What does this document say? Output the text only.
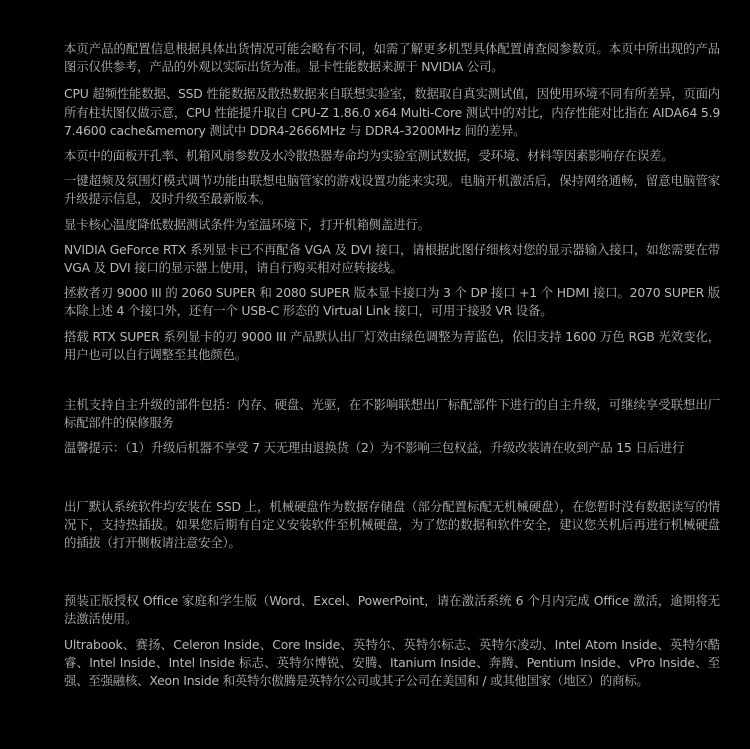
本页产品的配置信息根据具体出货情况可能会略有不同，如需了解更多机型具体配置请查阅参数页。本页中所出现的产品图示仅供参考，产品的外观以实际出货为准。显卡性能数据来源于 NVIDIA 公司。

CPU 超频性能数据、SSD 性能数据及散热数据来自联想实验室，数据取自真实测试值，因使用环境不同有所差异，页面内所有柱状图仅做示意，CPU 性能提升取自 CPU-Z 1.86.0 x64 Multi-Core 测试中的对比，内存性能对比指在 AIDA64 5.97.4600 cache&memory 测试中 DDR4-2666MHz 与 DDR4-3200MHz 间的差异。

本页中的面板开孔率、机箱风扇参数及水冷散热器寿命均为实验室测试数据，受环境、材料等因素影响存在误差。

一键超频及氛围灯模式调节功能由联想电脑管家的游戏设置功能来实现。电脑开机激活后，保持网络通畅，留意电脑管家升级提示信息，及时升级至最新版本。

显卡核心温度降低数据测试条件为室温环境下，打开机箱侧盖进行。

NVIDIA GeForce RTX 系列显卡已不再配备 VGA 及 DVI 接口，请根据此图仔细核对您的显示器输入接口，如您需要在带 VGA 及 DVI 接口的显示器上使用，请自行购买相对应转接线。

拯救者刃 9000 III 的 2060 SUPER 和 2080 SUPER 版本显卡接口为 3 个 DP 接口 +1 个 HDMI 接口。2070 SUPER 版本除上述 4 个接口外，还有一个 USB-C 形态的 Virtual Link 接口，可用于接驳 VR 设备。

搭载 RTX SUPER 系列显卡的刃 9000 III 产品默认出厂灯效由绿色调整为青蓝色，依旧支持 1600 万色 RGB 光效变化，用户也可以自行调整至其他颜色。

主机支持自主升级的部件包括：内存、硬盘、光驱，在不影响联想出厂标配部件下进行的自主升级，可继续享受联想出厂标配部件的保修服务

温馨提示：（1）升级后机器不享受 7 天无理由退换货（2）为不影响三包权益，升级改装请在收到产品 15 日后进行

出厂默认系统软件均安装在 SSD 上，机械硬盘作为数据存储盘（部分配置标配无机械硬盘），在您暂时没有数据读写的情况下，支持热插拔。如果您后期有自定义安装软件至机械硬盘，为了您的数据和软件安全，建议您关机后再进行机械硬盘的插拔（打开侧板请注意安全）。

预装正版授权 Office 家庭和学生版（Word、Excel、PowerPoint，请在激活系统 6 个月内完成 Office 激活，逾期将无法激活使用。

Ultrabook、赛扬、Celeron Inside、Core Inside、英特尔、英特尔标志、英特尔凌动、Intel Atom Inside、英特尔酷睿、Intel Inside、Intel Inside 标志、英特尔博锐、安腾、Itanium Inside、奔腾、Pentium Inside、vPro Inside、至强、至强融核、Xeon Inside 和英特尔傲腾是英特尔公司或其子公司在美国和 / 或其他国家（地区）的商标。
